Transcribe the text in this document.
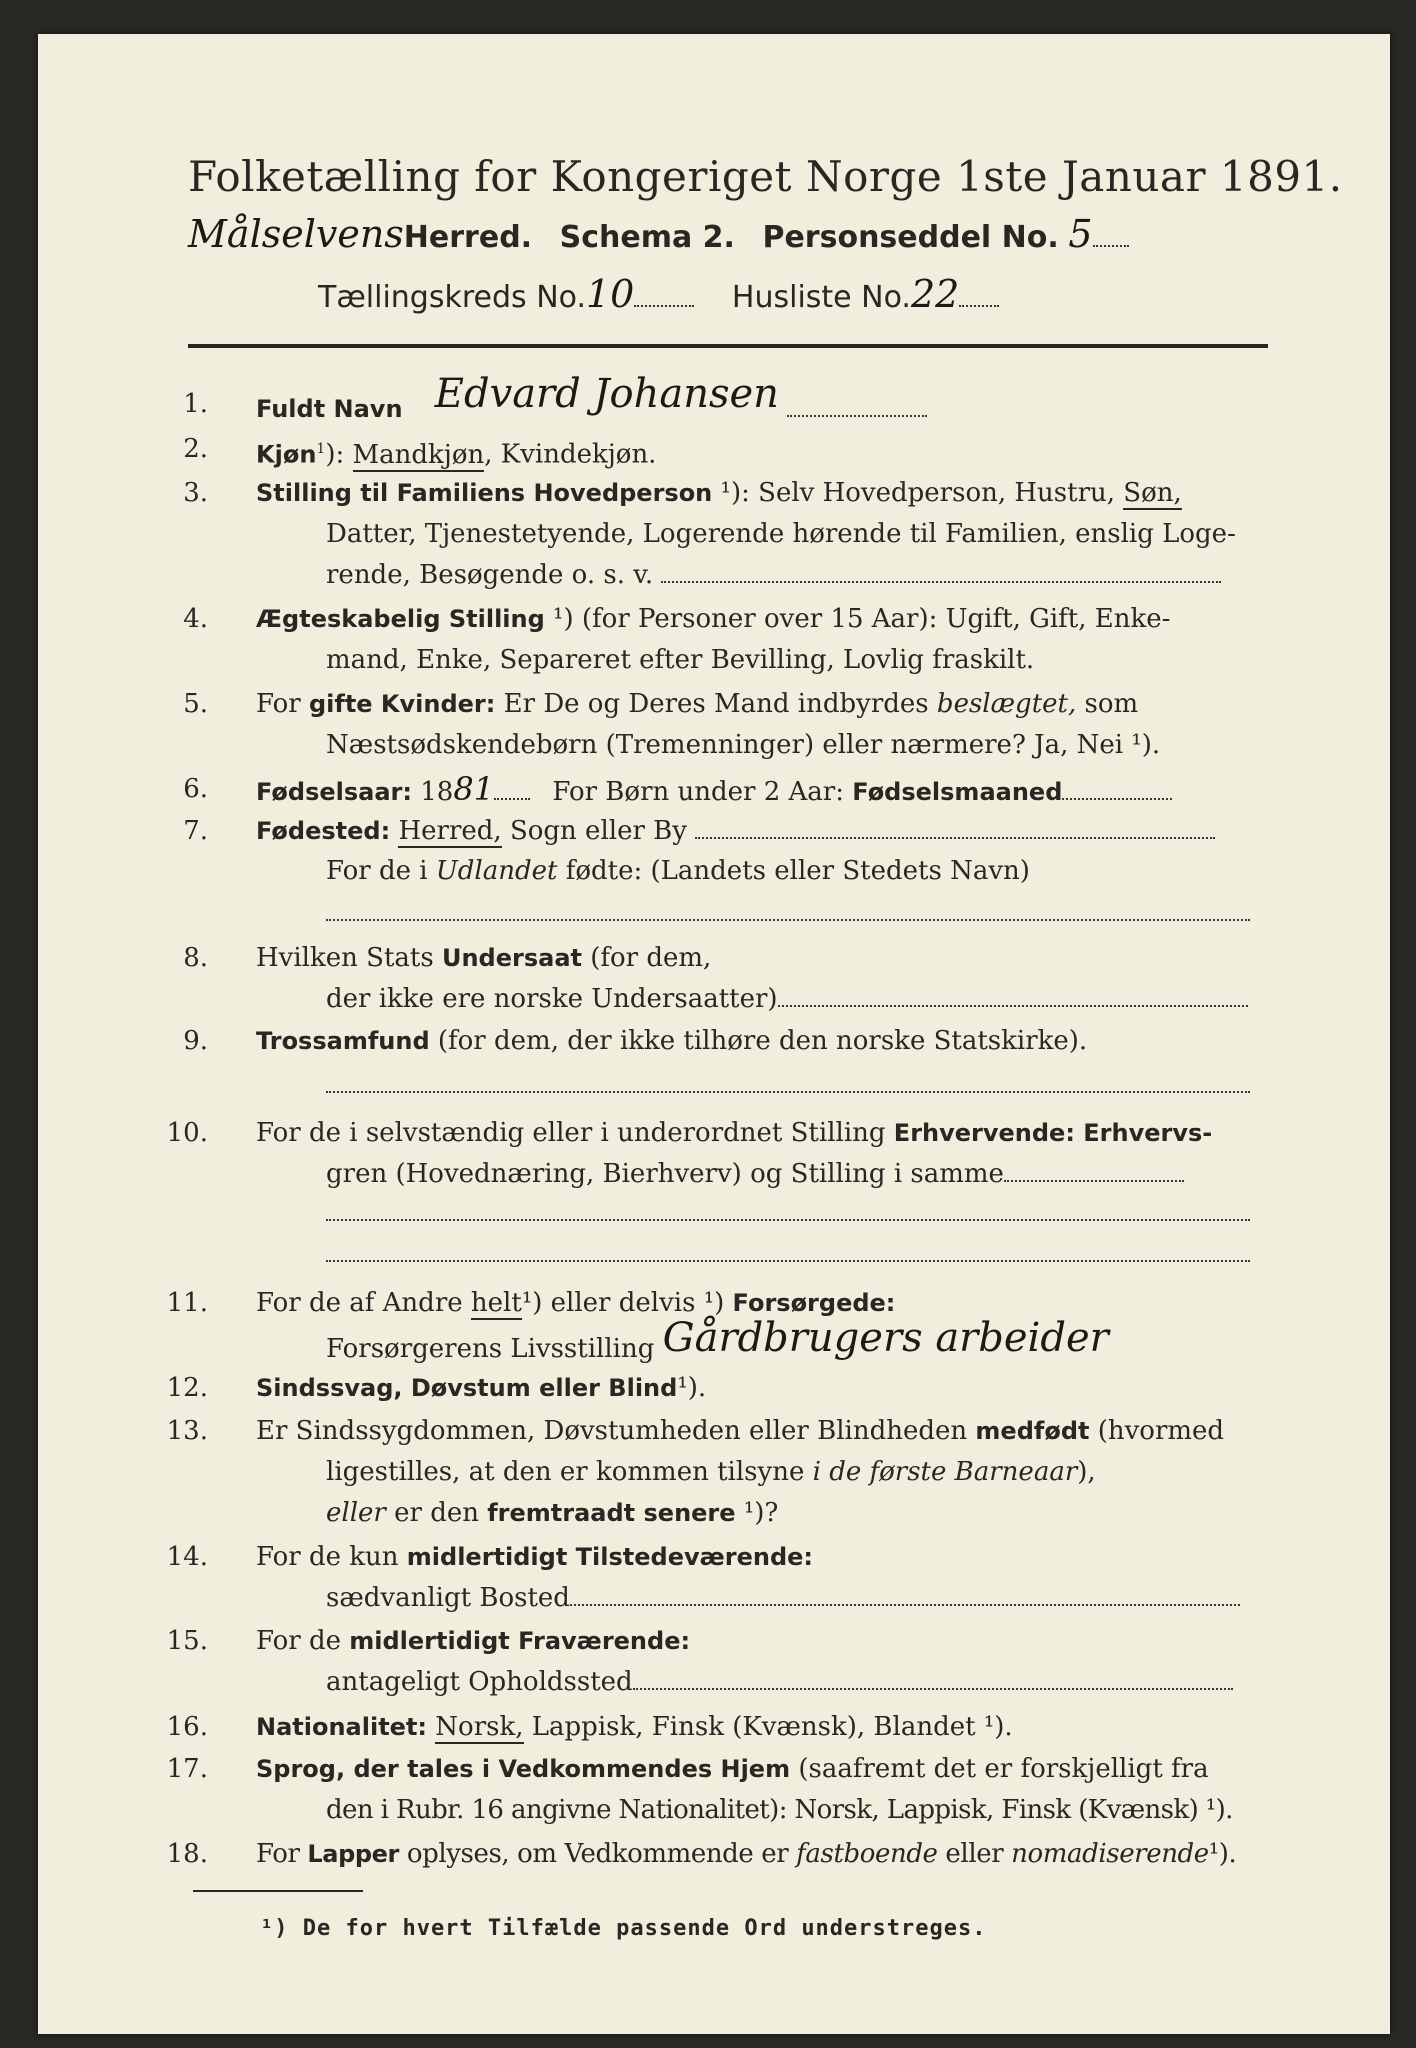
Folketælling for Kongeriget Norge 1ste Januar 1891.
MålselvensHerred. Schema 2. Personseddel No. 5
Tællingskreds No.10	Husliste No.22
1. Fuldt Navn Edvard Johansen
2. Kjøn$^1$): Mandkjøn, Kvindekjøn.
3. Stilling til Familiens Hovedperson ¹): Selv Hovedperson, Hustru, Søn,
Datter, Tjenestetyende, Logerende hørende til Familien, enslig Loge-
rende, Besøgende o. s. v.
4. Ægteskabelig Stilling ¹) (for Personer over 15 Aar): Ugift, Gift, Enke-
mand, Enke, Separeret efter Bevilling, Lovlig fraskilt.
5. For gifte Kvinder: Er De og Deres Mand indbyrdes beslægtet, som
Næstsødskendebørn (Tremenninger) eller nærmere? Ja, Nei ¹).
6. Fødselsaar: 1881 For Børn under 2 Aar: Fødselsmaaned
7. Fødested: Herred, Sogn eller By
For de i Udlandet fødte: (Landets eller Stedets Navn)
8. Hvilken Stats Undersaat (for dem,
der ikke ere norske Undersaatter)
9. Trossamfund (for dem, der ikke tilhøre den norske Statskirke).
10. For de i selvstændig eller i underordnet Stilling Erhvervende: Erhvervs-
gren (Hovednæring, Bierhverv) og Stilling i samme
11. For de af Andre helt¹) eller delvis ¹) Forsørgede:
Forsørgerens Livsstilling Gårdbrugers arbeider
12. Sindssvag, Døvstum eller Blind¹).
13. Er Sindssygdommen, Døvstumheden eller Blindheden medfødt (hvormed
ligestilles, at den er kommen tilsyne i de første Barneaar),
eller er den fremtraadt senere ¹)?
14. For de kun midlertidigt Tilstedeværende:
sædvanligt Bosted
15. For de midlertidigt Fraværende:
antageligt Opholdssted
16. Nationalitet: Norsk, Lappisk, Finsk (Kvænsk), Blandet ¹).
17. Sprog, der tales i Vedkommendes Hjem (saafremt det er forskjelligt fra
den i Rubr. 16 angivne Nationalitet): Norsk, Lappisk, Finsk (Kvænsk) ¹).
18. For Lapper oplyses, om Vedkommende er fastboende eller nomadiserende¹).
¹) De for hvert Tilfælde passende Ord understreges.
